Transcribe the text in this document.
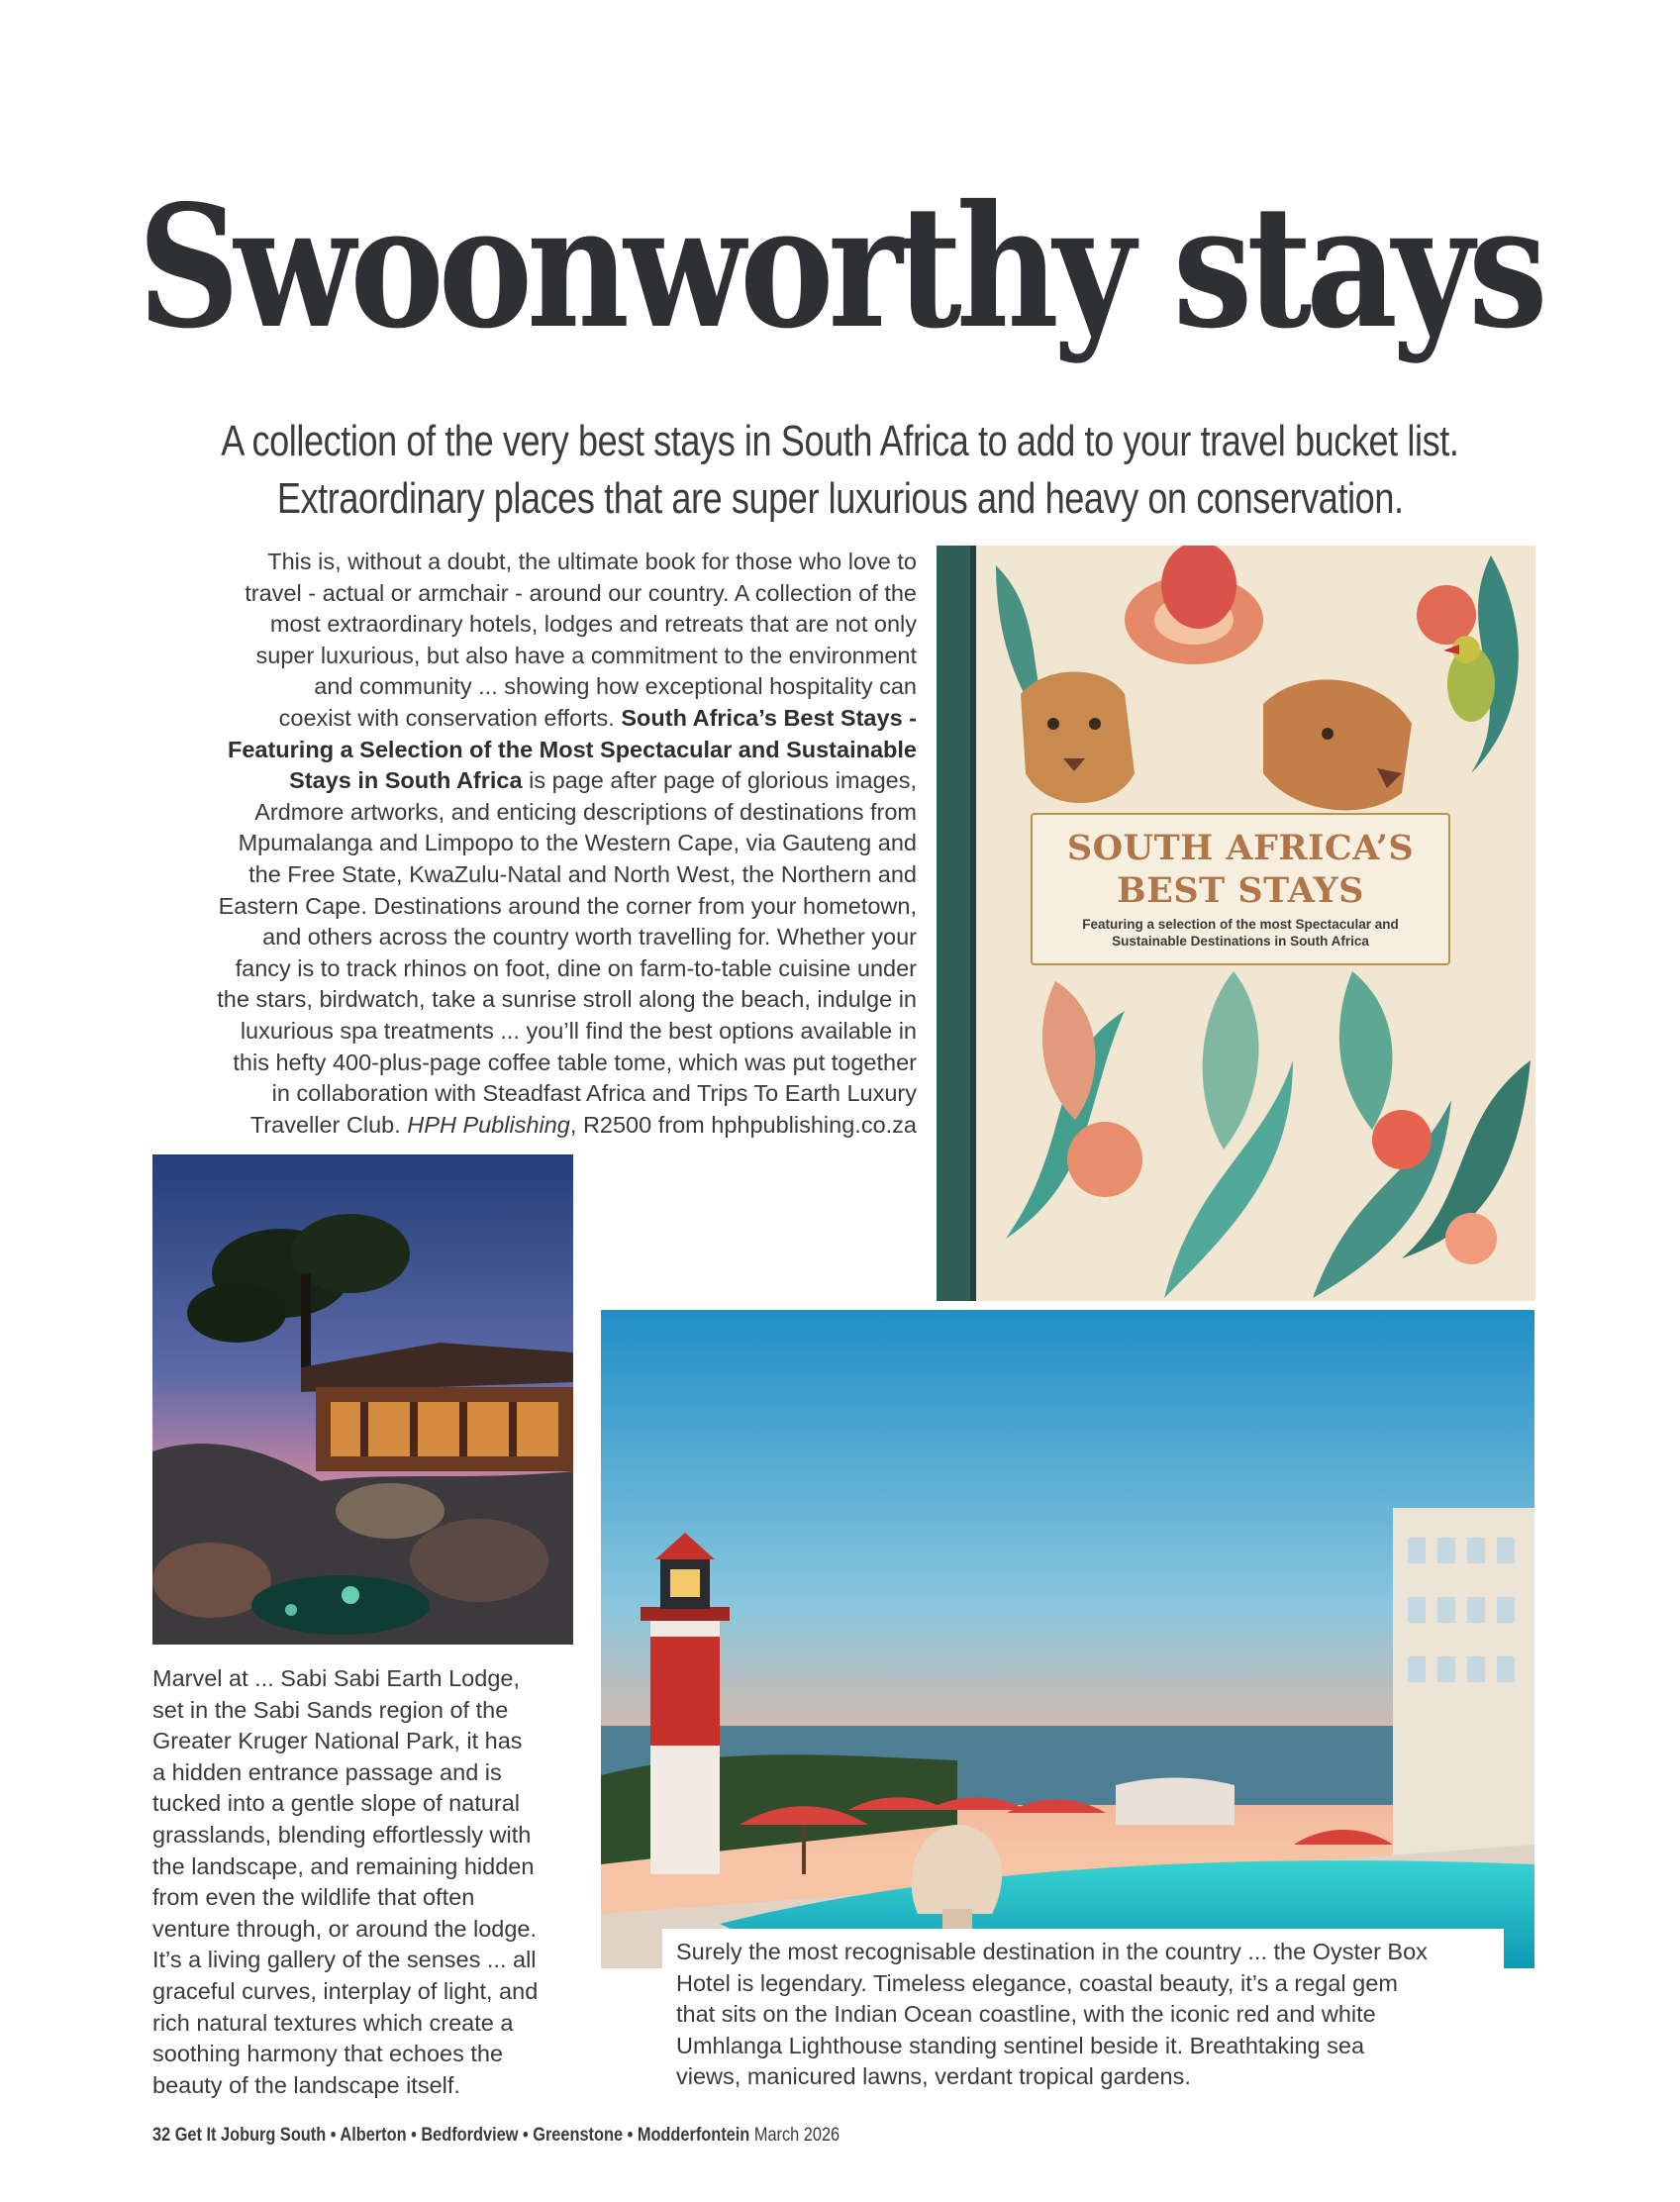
Swoonworthy stays
A collection of the very best stays in South Africa to add to your travel bucket list.
Extraordinary places that are super luxurious and heavy on conservation.
This is, without a doubt, the ultimate book for those who love to
travel - actual or armchair - around our country. A collection of the
most extraordinary hotels, lodges and retreats that are not only
super luxurious, but also have a commitment to the environment
and community ... showing how exceptional hospitality can
coexist with conservation efforts. South Africa’s Best Stays -
Featuring a Selection of the Most Spectacular and Sustainable
Stays in South Africa is page after page of glorious images,
Ardmore artworks, and enticing descriptions of destinations from
Mpumalanga and Limpopo to the Western Cape, via Gauteng and
the Free State, KwaZulu-Natal and North West, the Northern and
Eastern Cape. Destinations around the corner from your hometown,
and others across the country worth travelling for. Whether your
fancy is to track rhinos on foot, dine on farm-to-table cuisine under
the stars, birdwatch, take a sunrise stroll along the beach, indulge in
luxurious spa treatments ... you’ll find the best options available in
this hefty 400-plus-page coffee table tome, which was put together
in collaboration with Steadfast Africa and Trips To Earth Luxury
Traveller Club. HPH Publishing, R2500 from hphpublishing.co.za
SOUTH AFRICA’S
BEST STAYS
Featuring a selection of the most Spectacular and
Sustainable Destinations in South Africa
Marvel at ... Sabi Sabi Earth Lodge,
set in the Sabi Sands region of the
Greater Kruger National Park, it has
a hidden entrance passage and is
tucked into a gentle slope of natural
grasslands, blending effortlessly with
the landscape, and remaining hidden
from even the wildlife that often
venture through, or around the lodge.
It’s a living gallery of the senses ... all
graceful curves, interplay of light, and
rich natural textures which create a
soothing harmony that echoes the
beauty of the landscape itself.
Surely the most recognisable destination in the country ... the Oyster Box
Hotel is legendary. Timeless elegance, coastal beauty, it’s a regal gem
that sits on the Indian Ocean coastline, with the iconic red and white
Umhlanga Lighthouse standing sentinel beside it. Breathtaking sea
views, manicured lawns, verdant tropical gardens.
32 Get It Joburg South • Alberton • Bedfordview • Greenstone • Modderfontein March 2026
